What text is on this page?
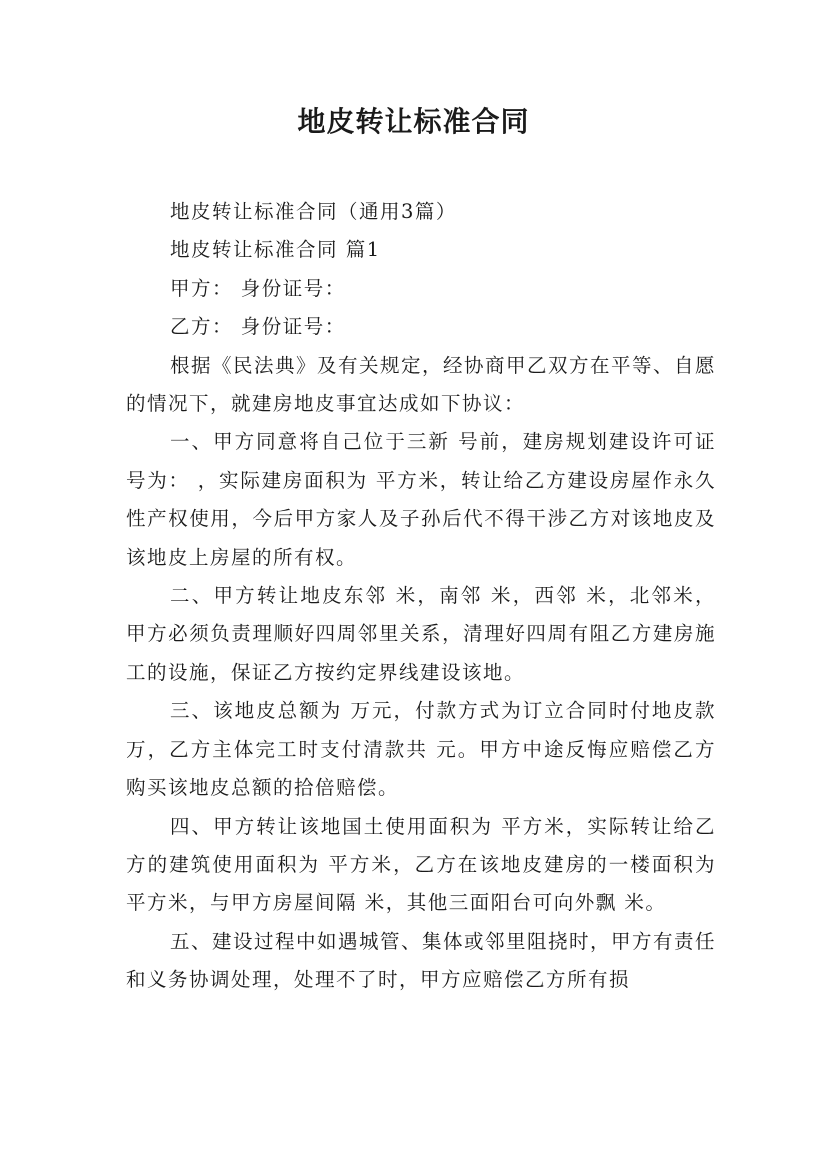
地皮转让标准合同

地皮转让标准合同（通用3篇）

地皮转让标准合同 篇1

甲方： 身份证号：

乙方： 身份证号：

根据《民法典》及有关规定，经协商甲乙双方在平等、自愿的情况下，就建房地皮事宜达成如下协议：

一、甲方同意将自己位于三新 号前，建房规划建设许可证号为： ，实际建房面积为 平方米，转让给乙方建设房屋作永久性产权使用，今后甲方家人及子孙后代不得干涉乙方对该地皮及该地皮上房屋的所有权。

二、甲方转让地皮东邻 米，南邻 米，西邻 米，北邻米，甲方必须负责理顺好四周邻里关系，清理好四周有阻乙方建房施工的设施，保证乙方按约定界线建设该地。

三、该地皮总额为 万元，付款方式为订立合同时付地皮款 万，乙方主体完工时支付清款共 元。甲方中途反悔应赔偿乙方购买该地皮总额的拾倍赔偿。

四、甲方转让该地国土使用面积为 平方米，实际转让给乙方的建筑使用面积为 平方米，乙方在该地皮建房的一楼面积为 平方米，与甲方房屋间隔 米，其他三面阳台可向外飘 米。

五、建设过程中如遇城管、集体或邻里阻挠时，甲方有责任和义务协调处理，处理不了时，甲方应赔偿乙方所有损
